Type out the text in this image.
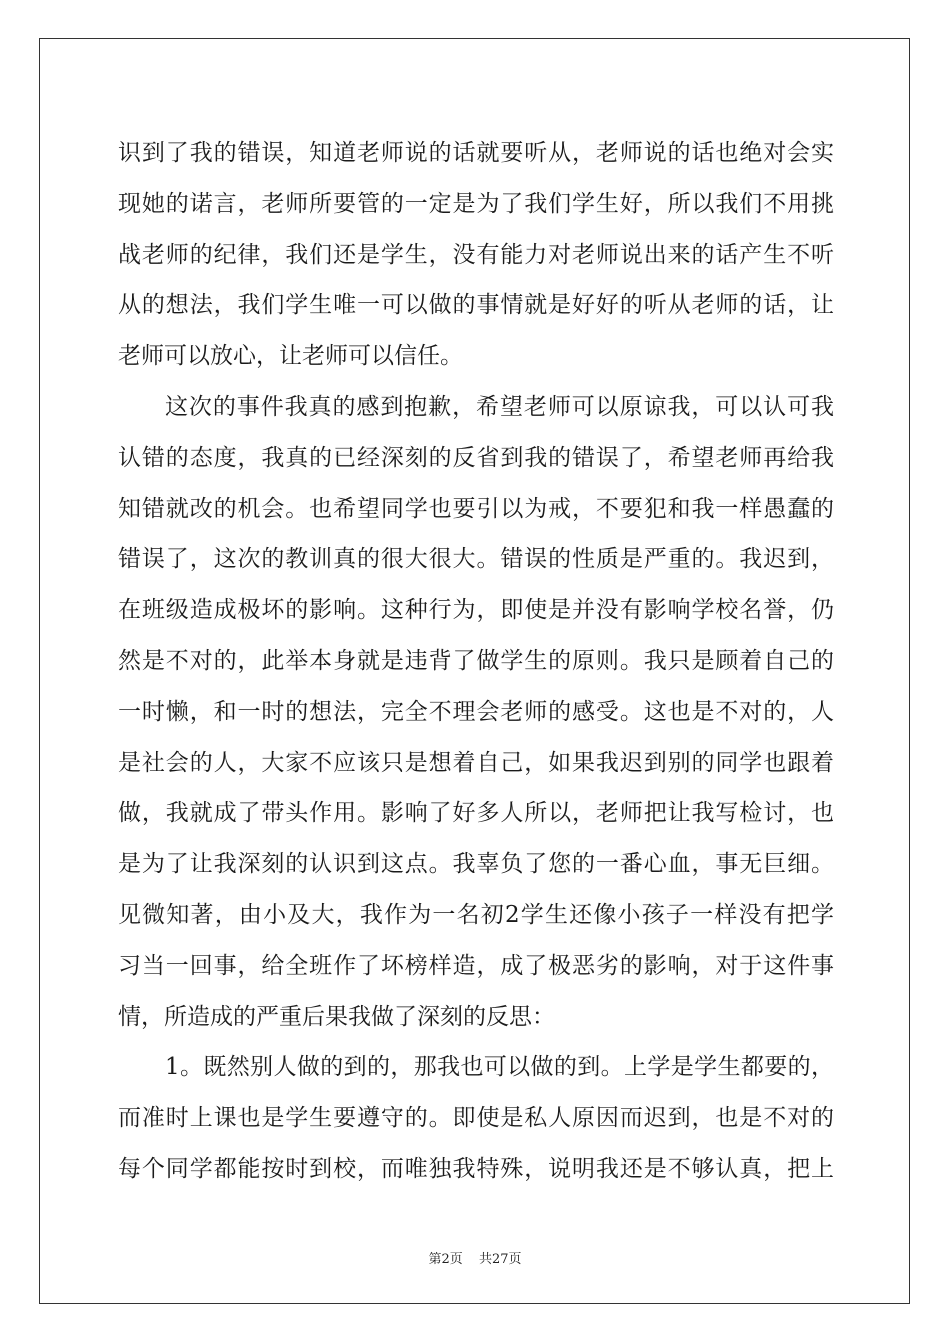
识到了我的错误，知道老师说的话就要听从，老师说的话也绝对会实
现她的诺言，老师所要管的一定是为了我们学生好，所以我们不用挑
战老师的纪律，我们还是学生，没有能力对老师说出来的话产生不听
从的想法，我们学生唯一可以做的事情就是好好的听从老师的话，让
老师可以放心，让老师可以信任。
这次的事件我真的感到抱歉，希望老师可以原谅我，可以认可我
认错的态度，我真的已经深刻的反省到我的错误了，希望老师再给我
知错就改的机会。也希望同学也要引以为戒，不要犯和我一样愚蠢的
错误了，这次的教训真的很大很大。错误的性质是严重的。我迟到，
在班级造成极坏的影响。这种行为，即使是并没有影响学校名誉，仍
然是不对的，此举本身就是违背了做学生的原则。我只是顾着自己的
一时懒，和一时的想法，完全不理会老师的感受。这也是不对的，人
是社会的人，大家不应该只是想着自己，如果我迟到别的同学也跟着
做，我就成了带头作用。影响了好多人所以，老师把让我写检讨，也
是为了让我深刻的认识到这点。我辜负了您的一番心血，事无巨细。
见微知著，由小及大，我作为一名初2学生还像小孩子一样没有把学
习当一回事，给全班作了坏榜样造，成了极恶劣的影响，对于这件事
情，所造成的严重后果我做了深刻的反思：
1。既然别人做的到的，那我也可以做的到。上学是学生都要的，
而准时上课也是学生要遵守的。即使是私人原因而迟到，也是不对的
每个同学都能按时到校，而唯独我特殊，说明我还是不够认真，把上
第2页 共27页
